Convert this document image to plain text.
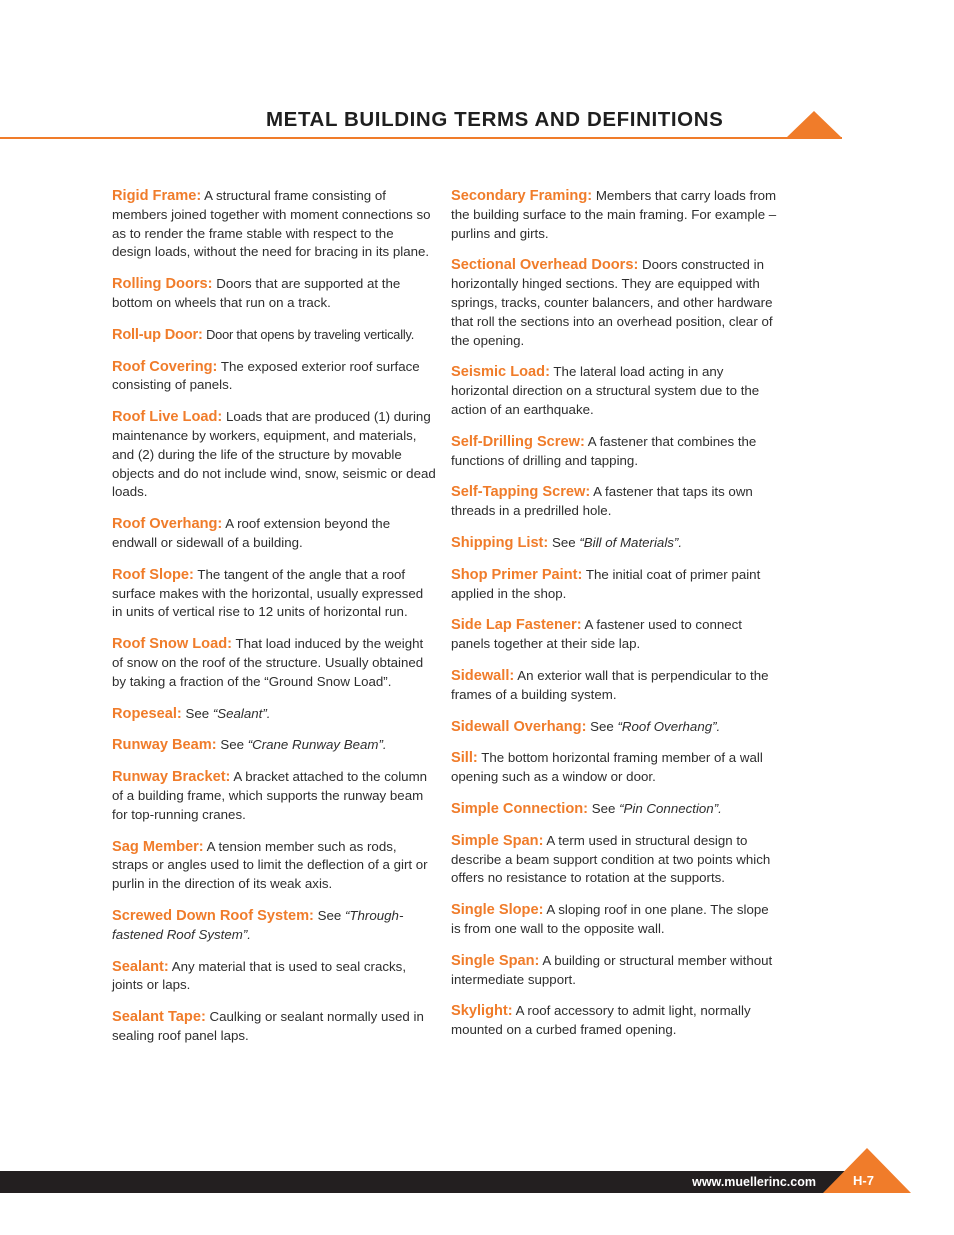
METAL BUILDING TERMS AND DEFINITIONS

Rigid Frame: A structural frame consisting of members joined together with moment connections so as to render the frame stable with respect to the design loads, without the need for bracing in its plane.

Rolling Doors: Doors that are supported at the bottom on wheels that run on a track.

Roll-up Door: Door that opens by traveling vertically.

Roof Covering: The exposed exterior roof surface consisting of panels.

Roof Live Load: Loads that are produced (1) during maintenance by workers, equipment, and materials, and (2) during the life of the structure by movable objects and do not include wind, snow, seismic or dead loads.

Roof Overhang: A roof extension beyond the endwall or sidewall of a building.

Roof Slope: The tangent of the angle that a roof surface makes with the horizontal, usually expressed in units of vertical rise to 12 units of horizontal run.

Roof Snow Load: That load induced by the weight of snow on the roof of the structure. Usually obtained by taking a fraction of the “Ground Snow Load”.

Ropeseal: See “Sealant”.

Runway Beam: See “Crane Runway Beam”.

Runway Bracket: A bracket attached to the column of a building frame, which supports the runway beam for top-running cranes.

Sag Member: A tension member such as rods, straps or angles used to limit the deflection of a girt or purlin in the direction of its weak axis.

Screwed Down Roof System: See “Through-fastened Roof System”.

Sealant: Any material that is used to seal cracks, joints or laps.

Sealant Tape: Caulking or sealant normally used in sealing roof panel laps.

Secondary Framing: Members that carry loads from the building surface to the main framing. For example – purlins and girts.

Sectional Overhead Doors: Doors constructed in horizontally hinged sections. They are equipped with springs, tracks, counter balancers, and other hardware that roll the sections into an overhead position, clear of the opening.

Seismic Load: The lateral load acting in any horizontal direction on a structural system due to the action of an earthquake.

Self-Drilling Screw: A fastener that combines the functions of drilling and tapping.

Self-Tapping Screw: A fastener that taps its own threads in a predrilled hole.

Shipping List: See “Bill of Materials”.

Shop Primer Paint: The initial coat of primer paint applied in the shop.

Side Lap Fastener: A fastener used to connect panels together at their side lap.

Sidewall: An exterior wall that is perpendicular to the frames of a building system.

Sidewall Overhang: See “Roof Overhang”.

Sill: The bottom horizontal framing member of a wall opening such as a window or door.

Simple Connection: See “Pin Connection”.

Simple Span: A term used in structural design to describe a beam support condition at two points which offers no resistance to rotation at the supports.

Single Slope: A sloping roof in one plane. The slope is from one wall to the opposite wall.

Single Span: A building or structural member without intermediate support.

Skylight: A roof accessory to admit light, normally mounted on a curbed framed opening.

www.muellerinc.com	H-7
